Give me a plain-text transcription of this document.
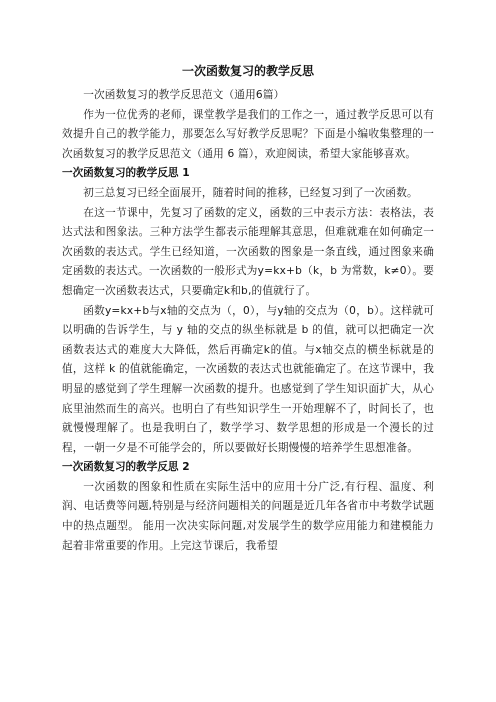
一次函数复习的教学反思

一次函数复习的教学反思范文（通用6篇）

作为一位优秀的老师，课堂教学是我们的工作之一，通过教学反思可以有效提升自己的教学能力，那要怎么写好教学反思呢？下面是小编收集整理的一次函数复习的教学反思范文（通用 6 篇），欢迎阅读，希望大家能够喜欢。

一次函数复习的教学反思 1

初三总复习已经全面展开，随着时间的推移，已经复习到了一次函数。

在这一节课中，先复习了函数的定义，函数的三中表示方法：表格法，表达式法和图象法。三种方法学生都表示能理解其意思，但难就难在如何确定一次函数的表达式。学生已经知道，一次函数的图象是一条直线，通过图象来确定函数的表达式。一次函数的一般形式为y=kx+b（k，b 为常数，k≠0）。要想确定一次函数表达式，只要确定k和b,的值就行了。

函数y=kx+b与x轴的交点为（，0），与y轴的交点为（0，b）。这样就可以明确的告诉学生，与 y 轴的交点的纵坐标就是 b 的值，就可以把确定一次函数表达式的难度大大降低，然后再确定k的值。与x轴交点的横坐标就是的值，这样 k 的值就能确定，一次函数的表达式也就能确定了。在这节课中，我明显的感觉到了学生理解一次函数的提升。也感觉到了学生知识面扩大，从心底里油然而生的高兴。也明白了有些知识学生一开始理解不了，时间长了，也就慢慢理解了。也是我明白了，数学学习、数学思想的形成是一个漫长的过程，一朝一夕是不可能学会的，所以要做好长期慢慢的培养学生思想准备。

一次函数复习的教学反思 2

一次函数的图象和性质在实际生活中的应用十分广泛,有行程、温度、利润、电话费等问题,特别是与经济问题相关的问题是近几年各省市中考数学试题中的热点题型。 能用一次决实际问题,对发展学生的数学应用能力和建模能力起着非常重要的作用。上完这节课后，我希望
